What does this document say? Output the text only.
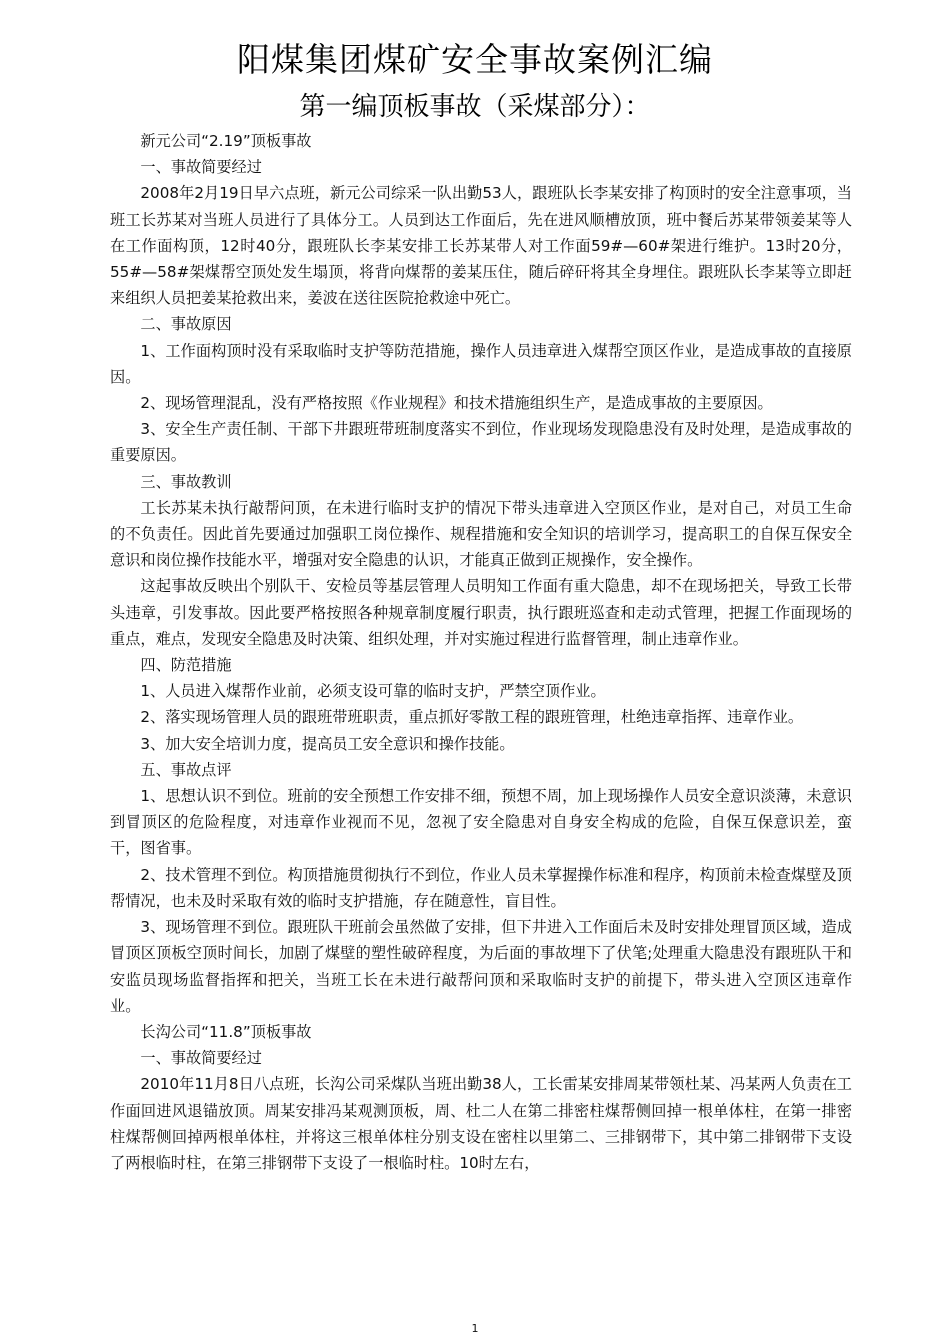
阳煤集团煤矿安全事故案例汇编
第一编顶板事故（采煤部分）：

新元公司“2.19”顶板事故

一、事故简要经过

2008年2月19日早六点班，新元公司综采一队出勤53人，跟班队长李某安排了构顶时的安全注意事项，当班工长苏某对当班人员进行了具体分工。人员到达工作面后，先在进风顺槽放顶，班中餐后苏某带领姜某等人在工作面构顶，12时40分，跟班队长李某安排工长苏某带人对工作面59#—60#架进行维护。13时20分，55#—58#架煤帮空顶处发生塌顶，将背向煤帮的姜某压住，随后碎矸将其全身埋住。跟班队长李某等立即赶来组织人员把姜某抢救出来，姜波在送往医院抢救途中死亡。

二、事故原因

1、工作面构顶时没有采取临时支护等防范措施，操作人员违章进入煤帮空顶区作业，是造成事故的直接原因。

2、现场管理混乱，没有严格按照《作业规程》和技术措施组织生产，是造成事故的主要原因。

3、安全生产责任制、干部下井跟班带班制度落实不到位，作业现场发现隐患没有及时处理，是造成事故的重要原因。

三、事故教训

工长苏某未执行敲帮问顶，在未进行临时支护的情况下带头违章进入空顶区作业，是对自己，对员工生命的不负责任。因此首先要通过加强职工岗位操作、规程措施和安全知识的培训学习，提高职工的自保互保安全意识和岗位操作技能水平，增强对安全隐患的认识，才能真正做到正规操作，安全操作。

这起事故反映出个别队干、安检员等基层管理人员明知工作面有重大隐患，却不在现场把关，导致工长带头违章，引发事故。因此要严格按照各种规章制度履行职责，执行跟班巡查和走动式管理，把握工作面现场的重点，难点，发现安全隐患及时决策、组织处理，并对实施过程进行监督管理，制止违章作业。

四、防范措施

1、人员进入煤帮作业前，必须支设可靠的临时支护，严禁空顶作业。

2、落实现场管理人员的跟班带班职责，重点抓好零散工程的跟班管理，杜绝违章指挥、违章作业。

3、加大安全培训力度，提高员工安全意识和操作技能。

五、事故点评

1、思想认识不到位。班前的安全预想工作安排不细，预想不周，加上现场操作人员安全意识淡薄，未意识到冒顶区的危险程度，对违章作业视而不见，忽视了安全隐患对自身安全构成的危险，自保互保意识差，蛮干，图省事。

2、技术管理不到位。构顶措施贯彻执行不到位，作业人员未掌握操作标准和程序，构顶前未检查煤壁及顶帮情况，也未及时采取有效的临时支护措施，存在随意性，盲目性。

3、现场管理不到位。跟班队干班前会虽然做了安排，但下井进入工作面后未及时安排处理冒顶区域，造成冒顶区顶板空顶时间长，加剧了煤壁的塑性破碎程度，为后面的事故埋下了伏笔;处理重大隐患没有跟班队干和安监员现场监督指挥和把关，当班工长在未进行敲帮问顶和采取临时支护的前提下，带头进入空顶区违章作业。

长沟公司“11.8”顶板事故

一、事故简要经过

2010年11月8日八点班，长沟公司采煤队当班出勤38人，工长雷某安排周某带领杜某、冯某两人负责在工作面回进风退锚放顶。周某安排冯某观测顶板，周、杜二人在第二排密柱煤帮侧回掉一根单体柱，在第一排密柱煤帮侧回掉两根单体柱，并将这三根单体柱分别支设在密柱以里第二、三排钢带下，其中第二排钢带下支设了两根临时柱，在第三排钢带下支设了一根临时柱。10时左右，

1
